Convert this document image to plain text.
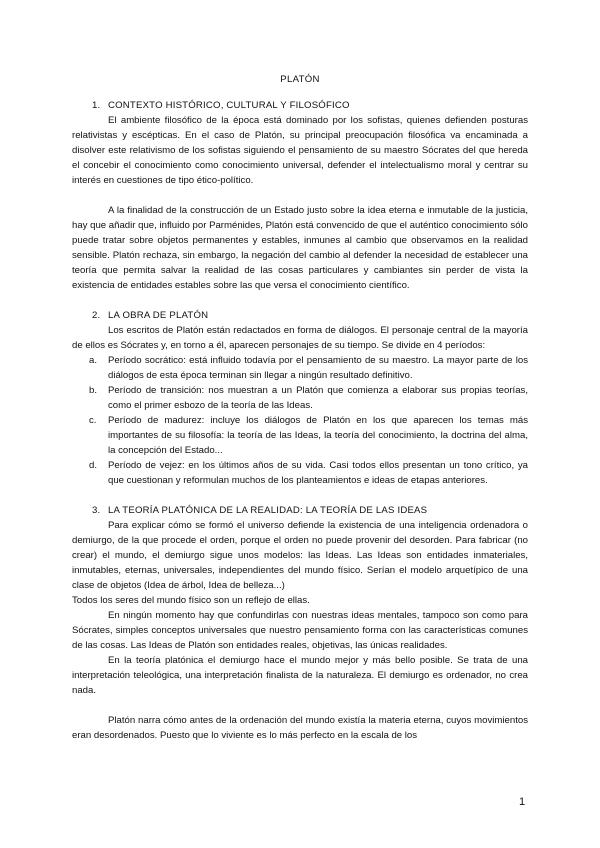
PLATÓN

1. CONTEXTO HISTÓRICO, CULTURAL Y FILOSÓFICO

El ambiente filosófico de la época está dominado por los sofistas, quienes defienden posturas relativistas y escépticas. En el caso de Platón, su principal preocupación filosófica va encaminada a disolver este relativismo de los sofistas siguiendo el pensamiento de su maestro Sócrates del que hereda el concebir el conocimiento como conocimiento universal, defender el intelectualismo moral y centrar su interés en cuestiones de tipo ético-político.

A la finalidad de la construcción de un Estado justo sobre la idea eterna e inmutable de la justicia, hay que añadir que, influido por Parménides, Platón está convencido de que el auténtico conocimiento sólo puede tratar sobre objetos permanentes y estables, inmunes al cambio que observamos en la realidad sensible. Platón rechaza, sin embargo, la negación del cambio al defender la necesidad de establecer una teoría que permita salvar la realidad de las cosas particulares y cambiantes sin perder de vista la existencia de entidades estables sobre las que versa el conocimiento científico.

2. LA OBRA DE PLATÓN

Los escritos de Platón están redactados en forma de diálogos. El personaje central de la mayoría de ellos es Sócrates y, en torno a él, aparecen personajes de su tiempo. Se divide en 4 períodos:

a. Período socrático: está influido todavía por el pensamiento de su maestro. La mayor parte de los diálogos de esta época terminan sin llegar a ningún resultado definitivo.
b. Período de transición: nos muestran a un Platón que comienza a elaborar sus propias teorías, como el primer esbozo de la teoría de las Ideas.
c. Período de madurez: incluye los diálogos de Platón en los que aparecen los temas más importantes de su filosofía: la teoría de las Ideas, la teoría del conocimiento, la doctrina del alma, la concepción del Estado...
d. Período de vejez: en los últimos años de su vida. Casi todos ellos presentan un tono crítico, ya que cuestionan y reformulan muchos de los planteamientos e ideas de etapas anteriores.
3. LA TEORÍA PLATÓNICA DE LA REALIDAD: LA TEORÍA DE LAS IDEAS

Para explicar cómo se formó el universo defiende la existencia de una inteligencia ordenadora o demiurgo, de la que procede el orden, porque el orden no puede provenir del desorden. Para fabricar (no crear) el mundo, el demiurgo sigue unos modelos: las Ideas. Las Ideas son entidades inmateriales, inmutables, eternas, universales, independientes del mundo físico. Serían el modelo arquetípico de una clase de objetos (Idea de árbol, Idea de belleza...)

Todos los seres del mundo físico son un reflejo de ellas.

En ningún momento hay que confundirlas con nuestras ideas mentales, tampoco son como para Sócrates, simples conceptos universales que nuestro pensamiento forma con las características comunes de las cosas. Las Ideas de Platón son entidades reales, objetivas, las únicas realidades.

En la teoría platónica el demiurgo hace el mundo mejor y más bello posible. Se trata de una interpretación teleológica, una interpretación finalista de la naturaleza. El demiurgo es ordenador, no crea nada.

Platón narra cómo antes de la ordenación del mundo existía la materia eterna, cuyos movimientos eran desordenados. Puesto que lo viviente es lo más perfecto en la escala de los

1
